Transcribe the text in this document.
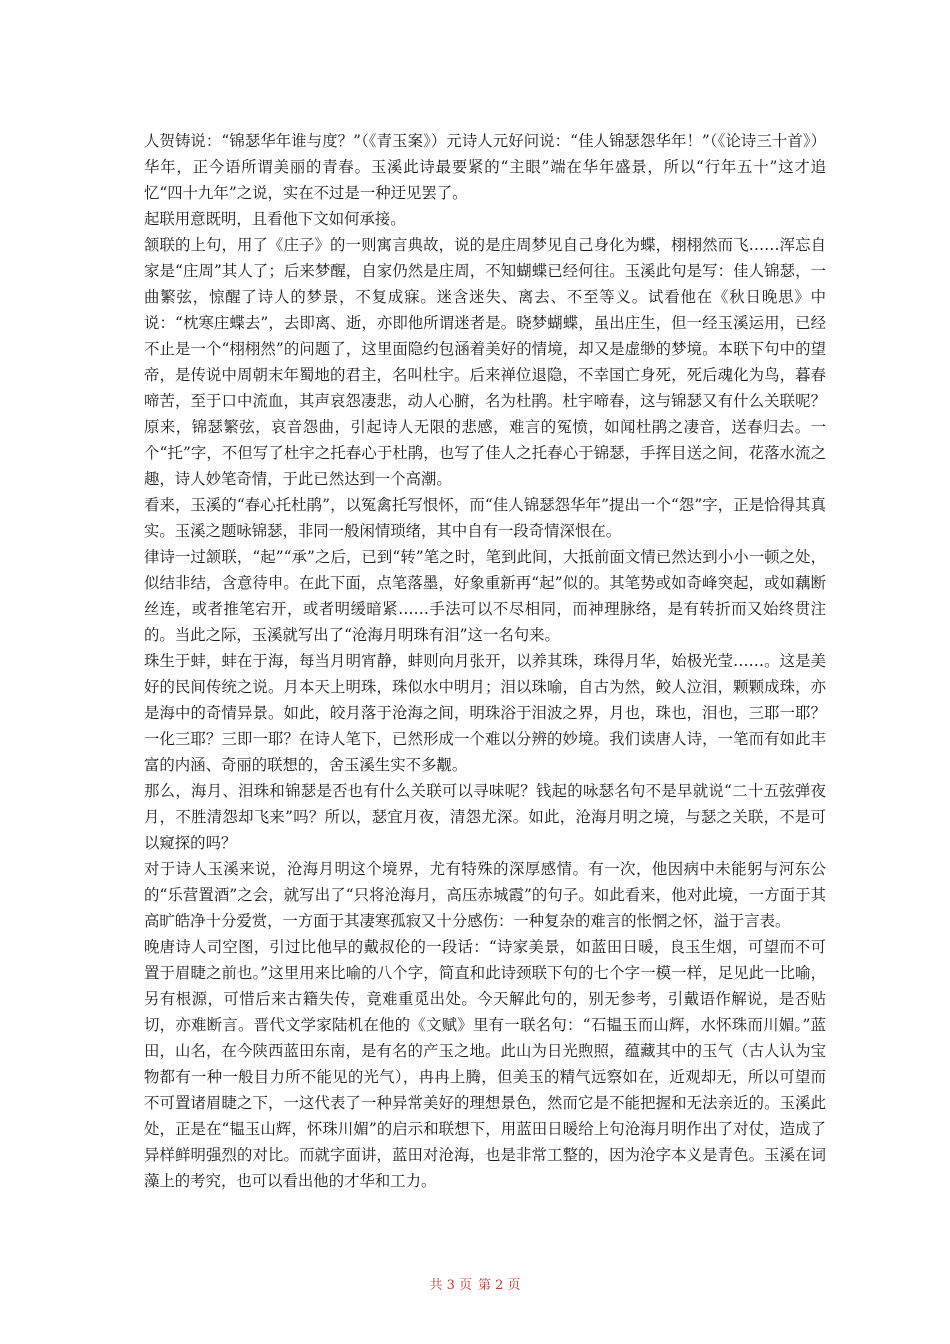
人贺铸说：“锦瑟华年谁与度？”（《青玉案》）元诗人元好问说：“佳人锦瑟怨华年！”（《论诗三十首》）华年，正今语所谓美丽的青春。玉溪此诗最要紧的“主眼”端在华年盛景，所以“行年五十”这才追忆“四十九年”之说，实在不过是一种迂见罢了。

起联用意既明，且看他下文如何承接。

颔联的上句，用了《庄子》的一则寓言典故，说的是庄周梦见自己身化为蝶，栩栩然而飞……浑忘自家是“庄周”其人了；后来梦醒，自家仍然是庄周，不知蝴蝶已经何往。玉溪此句是写：佳人锦瑟，一曲繁弦，惊醒了诗人的梦景，不复成寐。迷含迷失、离去、不至等义。试看他在《秋日晚思》中说：“枕寒庄蝶去”，去即离、逝，亦即他所谓迷者是。晓梦蝴蝶，虽出庄生，但一经玉溪运用，已经不止是一个“栩栩然”的问题了，这里面隐约包涵着美好的情境，却又是虚缈的梦境。本联下句中的望帝，是传说中周朝末年蜀地的君主，名叫杜宇。后来禅位退隐，不幸国亡身死，死后魂化为鸟，暮春啼苦，至于口中流血，其声哀怨凄悲，动人心腑，名为杜鹃。杜宇啼春，这与锦瑟又有什么关联呢？原来，锦瑟繁弦，哀音怨曲，引起诗人无限的悲感，难言的冤愤，如闻杜鹃之凄音，送春归去。一个“托”字，不但写了杜宇之托春心于杜鹃，也写了佳人之托春心于锦瑟，手挥目送之间，花落水流之趣，诗人妙笔奇情，于此已然达到一个高潮。

看来，玉溪的“春心托杜鹃”，以冤禽托写恨怀，而“佳人锦瑟怨华年”提出一个“怨”字，正是恰得其真实。玉溪之题咏锦瑟，非同一般闲情琐绪，其中自有一段奇情深恨在。

律诗一过颔联，“起”“承”之后，已到“转”笔之时，笔到此间，大抵前面文情已然达到小小一顿之处，似结非结，含意待申。在此下面，点笔落墨，好象重新再“起”似的。其笔势或如奇峰突起，或如藕断丝连，或者推笔宕开，或者明缓暗紧……手法可以不尽相同，而神理脉络，是有转折而又始终贯注的。当此之际，玉溪就写出了“沧海月明珠有泪”这一名句来。

珠生于蚌，蚌在于海，每当月明宵静，蚌则向月张开，以养其珠，珠得月华，始极光莹……。这是美好的民间传统之说。月本天上明珠，珠似水中明月；泪以珠喻，自古为然，鲛人泣泪，颗颗成珠，亦是海中的奇情异景。如此，皎月落于沧海之间，明珠浴于泪波之界，月也，珠也，泪也，三耶一耶？一化三耶？三即一耶？在诗人笔下，已然形成一个难以分辨的妙境。我们读唐人诗，一笔而有如此丰富的内涵、奇丽的联想的，舍玉溪生实不多觏。

那么，海月、泪珠和锦瑟是否也有什么关联可以寻味呢？钱起的咏瑟名句不是早就说“二十五弦弹夜月，不胜清怨却飞来”吗？所以，瑟宜月夜，清怨尤深。如此，沧海月明之境，与瑟之关联，不是可以窥探的吗？

对于诗人玉溪来说，沧海月明这个境界，尤有特殊的深厚感情。有一次，他因病中未能躬与河东公的“乐营置酒”之会，就写出了“只将沧海月，高压赤城霞”的句子。如此看来，他对此境，一方面于其高旷皓净十分爱赏，一方面于其凄寒孤寂又十分感伤：一种复杂的难言的怅惘之怀，溢于言表。

晚唐诗人司空图，引过比他早的戴叔伦的一段话：“诗家美景，如蓝田日暖，良玉生烟，可望而不可置于眉睫之前也。”这里用来比喻的八个字，简直和此诗颈联下句的七个字一模一样，足见此一比喻，另有根源，可惜后来古籍失传，竟难重觅出处。今天解此句的，别无参考，引戴语作解说，是否贴切，亦难断言。晋代文学家陆机在他的《文赋》里有一联名句：“石韫玉而山辉，水怀珠而川媚。”蓝田，山名，在今陕西蓝田东南，是有名的产玉之地。此山为日光煦照，蕴藏其中的玉气（古人认为宝物都有一种一般目力所不能见的光气），冉冉上腾，但美玉的精气远察如在，近观却无，所以可望而不可置诸眉睫之下，一这代表了一种异常美好的理想景色，然而它是不能把握和无法亲近的。玉溪此处，正是在“韫玉山辉，怀珠川媚”的启示和联想下，用蓝田日暖给上句沧海月明作出了对仗，造成了异样鲜明强烈的对比。而就字面讲，蓝田对沧海，也是非常工整的，因为沧字本义是青色。玉溪在词藻上的考究，也可以看出他的才华和工力。

共 3 页 第 2 页
